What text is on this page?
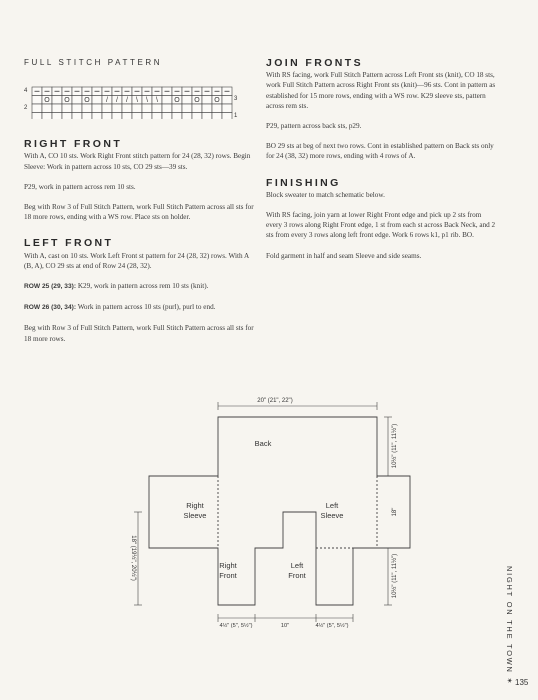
FULL STITCH PATTERN
4
3
2
1
O O O / / / \ \ \ O O O
RIGHT FRONT

With A, CO 10 sts. Work Right Front stitch pattern for 24 (28, 32) rows. Begin Sleeve: Work in pattern across 10 sts, CO 29 sts—39 sts.

P29, work in pattern across rem 10 sts.

Beg with Row 3 of Full Stitch Pattern, work Full Stitch Pattern across all sts for 18 more rows, ending with a WS row. Place sts on holder.

LEFT FRONT

With A, cast on 10 sts. Work Left Front st pattern for 24 (28, 32) rows. With A (B, A), CO 29 sts at end of Row 24 (28, 32).

ROW 25 (29, 33): K29, work in pattern across rem 10 sts (knit).

ROW 26 (30, 34): Work in pattern across 10 sts (purl), purl to end.

Beg with Row 3 of Full Stitch Pattern, work Full Stitch Pattern across all sts for 18 more rows.

JOIN FRONTS

With RS facing, work Full Stitch Pattern across Left Front sts (knit), CO 18 sts, work Full Stitch Pattern across Right Front sts (knit)—96 sts. Cont in pattern as established for 15 more rows, ending with a WS row. K29 sleeve sts, pattern across rem sts.

P29, pattern across back sts, p29.

BO 29 sts at beg of next two rows. Cont in established pattern on Back sts only for 24 (38, 32) more rows, ending with 4 rows of A.

FINISHING

Block sweater to match schematic below.

With RS facing, join yarn at lower Right Front edge and pick up 2 sts from every 3 rows along Right Front edge, 1 st from each st across Back Neck, and 2 sts from every 3 rows along left front edge. Work 6 rows k1, p1 rib. BO.

Fold garment in half and seam Sleeve and side seams.

20" (21", 22")
Back
Right
Sleeve
Left
Sleeve
Right
Front
Left
Front
18" (19½", 20½")
10½" (11", 11½")
18"
10½" (11", 11½")
4½" (5", 5½")	10"	4½" (5", 5½")	NIGHT ON THE TOWN ✶ 135
